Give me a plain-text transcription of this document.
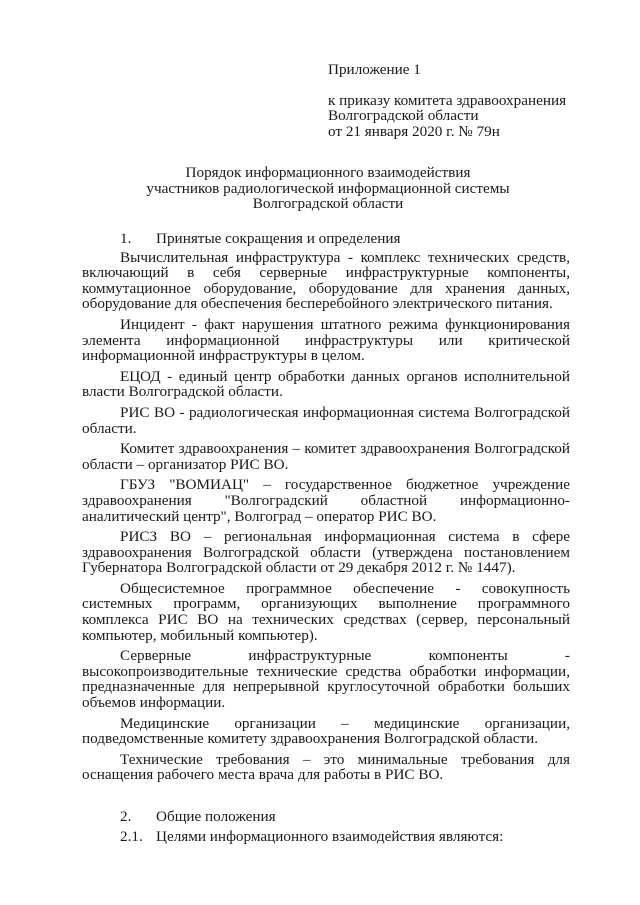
Приложение 1
к приказу комитета здравоохранения
Волгоградской области
от 21 января 2020 г. № 79н
Порядок информационного взаимодействия
участников радиологической информационной системы
Волгоградской области
1. Принятые сокращения и определения
Вычислительная инфраструктура - комплекс технических средств, включающий в себя серверные инфраструктурные компоненты, коммутационное оборудование, оборудование для хранения данных, оборудование для обеспечения бесперебойного электрического питания.
Инцидент - факт нарушения штатного режима функционирования элемента информационной инфраструктуры или критической информационной инфраструктуры в целом.
ЕЦОД - единый центр обработки данных органов исполнительной власти Волгоградской области.
РИС ВО - радиологическая информационная система Волгоградской области.
Комитет здравоохранения – комитет здравоохранения Волгоградской области – организатор РИС ВО.
ГБУЗ "ВОМИАЦ" – государственное бюджетное учреждение здравоохранения "Волгоградский областной информационно-аналитический центр", Волгоград – оператор РИС ВО.
РИСЗ ВО – региональная информационная система в сфере здравоохранения Волгоградской области (утверждена постановлением Губернатора Волгоградской области от 29 декабря 2012 г. № 1447).
Общесистемное программное обеспечение - совокупность системных программ, организующих выполнение программного комплекса РИС ВО на технических средствах (сервер, персональный компьютер, мобильный компьютер).
Серверные инфраструктурные компоненты - высокопроизводительные технические средства обработки информации, предназначенные для непрерывной круглосуточной обработки больших объемов информации.
Медицинские организации – медицинские организации, подведомственные комитету здравоохранения Волгоградской области.
Технические требования – это минимальные требования для оснащения рабочего места врача для работы в РИС ВО.
2. Общие положения
2.1. Целями информационного взаимодействия являются:
